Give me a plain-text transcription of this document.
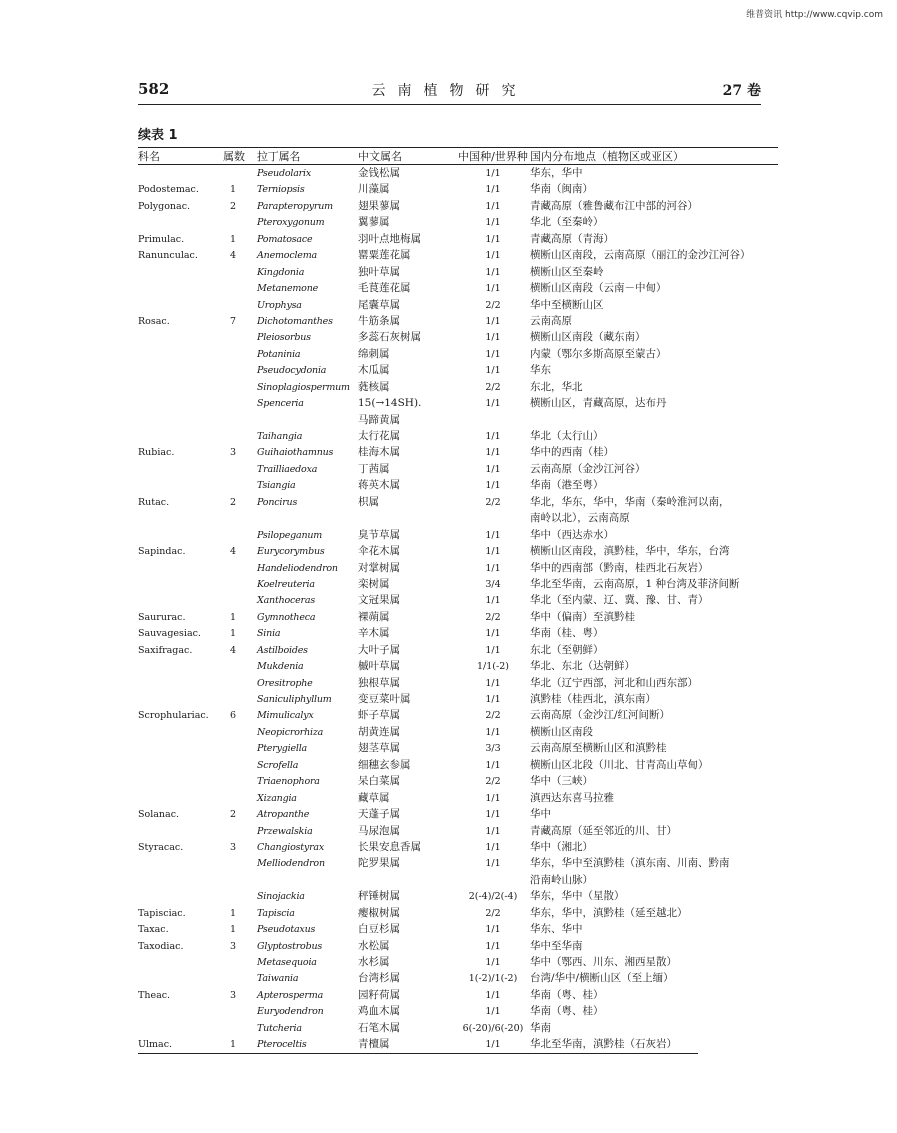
维普资讯 http://www.cqvip.com
582	云南植物研究	27 卷
续表 1
科名	属数 拉丁属名	中文属名	中国种/世界种 国内分布地点（植物区或亚区）
Pseudolarix	金钱松属	1/1	华东，华中
Podostemac.	1 Terniopsis	川藻属	1/1	华南（闽南）
Polygonac.	2 Parapteropyrum 翅果蓼属	1/1	青藏高原（雅鲁藏布江中部的河谷）
Pteroxygonum	翼蓼属	1/1	华北（至秦岭）
Primulac.	1 Pomatosace	羽叶点地梅属	1/1	青藏高原（青海）
Ranunculac.	4 Anemoclema	罂粟莲花属	1/1	横断山区南段，云南高原（丽江的金沙江河谷）
Kingdonia	独叶草属	1/1	横断山区至秦岭
Metanemone	毛茛莲花属	1/1	横断山区南段（云南－中甸）
Urophysa	尾囊草属	2/2	华中至横断山区
Rosac.	7 Dichotomanthes 牛筋条属	1/1	云南高原
Pleiosorbus	多蕊石灰树属	1/1	横断山区南段（藏东南）
Potaninia	绵刺属	1/1	内蒙（鄂尔多斯高原至蒙古）
Pseudocydonia	木瓜属	1/1	华东
Sinoplagiospermum 蕤核属	2/2	东北，华北
Spenceria	15(→14SH).	1/1	横断山区，青藏高原，达布丹
马蹄黄属
Taihangia	太行花属	1/1	华北（太行山）
Rubiac.	3 Guihaiothamnus 桂海木属	1/1	华中的西南（桂）
Trailliaedoxa	丁茜属	1/1	云南高原（金沙江河谷）
Tsiangia	蒋英木属	1/1	华南（港至粤）
Rutac.	2 Poncirus	枳属	2/2	华北，华东，华中，华南（秦岭淮河以南，
南岭以北），云南高原
Psilopeganum	臭节草属	1/1	华中（西达赤水）
Sapindac.	4 Eurycorymbus	伞花木属	1/1	横断山区南段，滇黔桂，华中，华东，台湾
Handeliodendron 对掌树属	1/1	华中的西南部（黔南，桂西北石灰岩）
Koelreuteria	栾树属	3/4	华北至华南，云南高原，1 种台湾及菲济间断
Xanthoceras	文冠果属	1/1	华北（至内蒙、辽、冀、豫、甘、青）
Saururac.	1 Gymnotheca	裸蒴属	2/2	华中（偏南）至滇黔桂
Sauvagesiac.	1 Sinia	辛木属	1/1	华南（桂、粤）
Saxifragac.	4 Astilboides	大叶子属	1/1	东北（至朝鲜）
Mukdenia	槭叶草属	1/1(-2)	华北、东北（达朝鲜）
Oresitrophe	独根草属	1/1	华北（辽宁西部，河北和山西东部）
Saniculiphyllum	变豆菜叶属	1/1	滇黔桂（桂西北，滇东南）
Scrophulariac. 6 Mimulicalyx	虾子草属	2/2	云南高原（金沙江/红河间断）
Neopicrorhiza	胡黄连属	1/1	横断山区南段
Pterygiella	翅茎草属	3/3	云南高原至横断山区和滇黔桂
Scrofella	细穗玄参属	1/1	横断山区北段（川北、甘青高山草甸）
Triaenophora	呆白菜属	2/2	华中（三峡）
Xizangia	藏草属	1/1	滇西达东喜马拉雅
Solanac.	2 Atropanthe	天蓬子属	1/1	华中
Przewalskia	马尿泡属	1/1	青藏高原（延至邻近的川、甘）
Styracac.	3 Changiostyrax	长果安息香属	1/1	华中（湘北）
Melliodendron	陀罗果属	1/1	华东，华中至滇黔桂（滇东南、川南、黔南
沿南岭山脉）
Sinojackia	秤锤树属	2(-4)/2(-4)	华东，华中（星散）
Tapisciac.	1 Tapiscia	瘿椒树属	2/2	华东，华中，滇黔桂（延至越北）
Taxac.	1 Pseudotaxus	白豆杉属	1/1	华东、华中
Taxodiac.	3 Glyptostrobus	水松属	1/1	华中至华南
Metasequoia	水杉属	1/1	华中（鄂西、川东、湘西星散）
Taiwania	台湾杉属	1(-2)/1(-2)	台湾/华中/横断山区（至上缅）
Theac.	3 Apterosperma	园籽荷属	1/1	华南（粤、桂）
Euryodendron	鸡血木属	1/1	华南（粤、桂）
Tutcheria	石笔木属	6(-20)/6(-20) 华南
Ulmac.	1 Pteroceltis	青檀属	1/1	华北至华南，滇黔桂（石灰岩）
